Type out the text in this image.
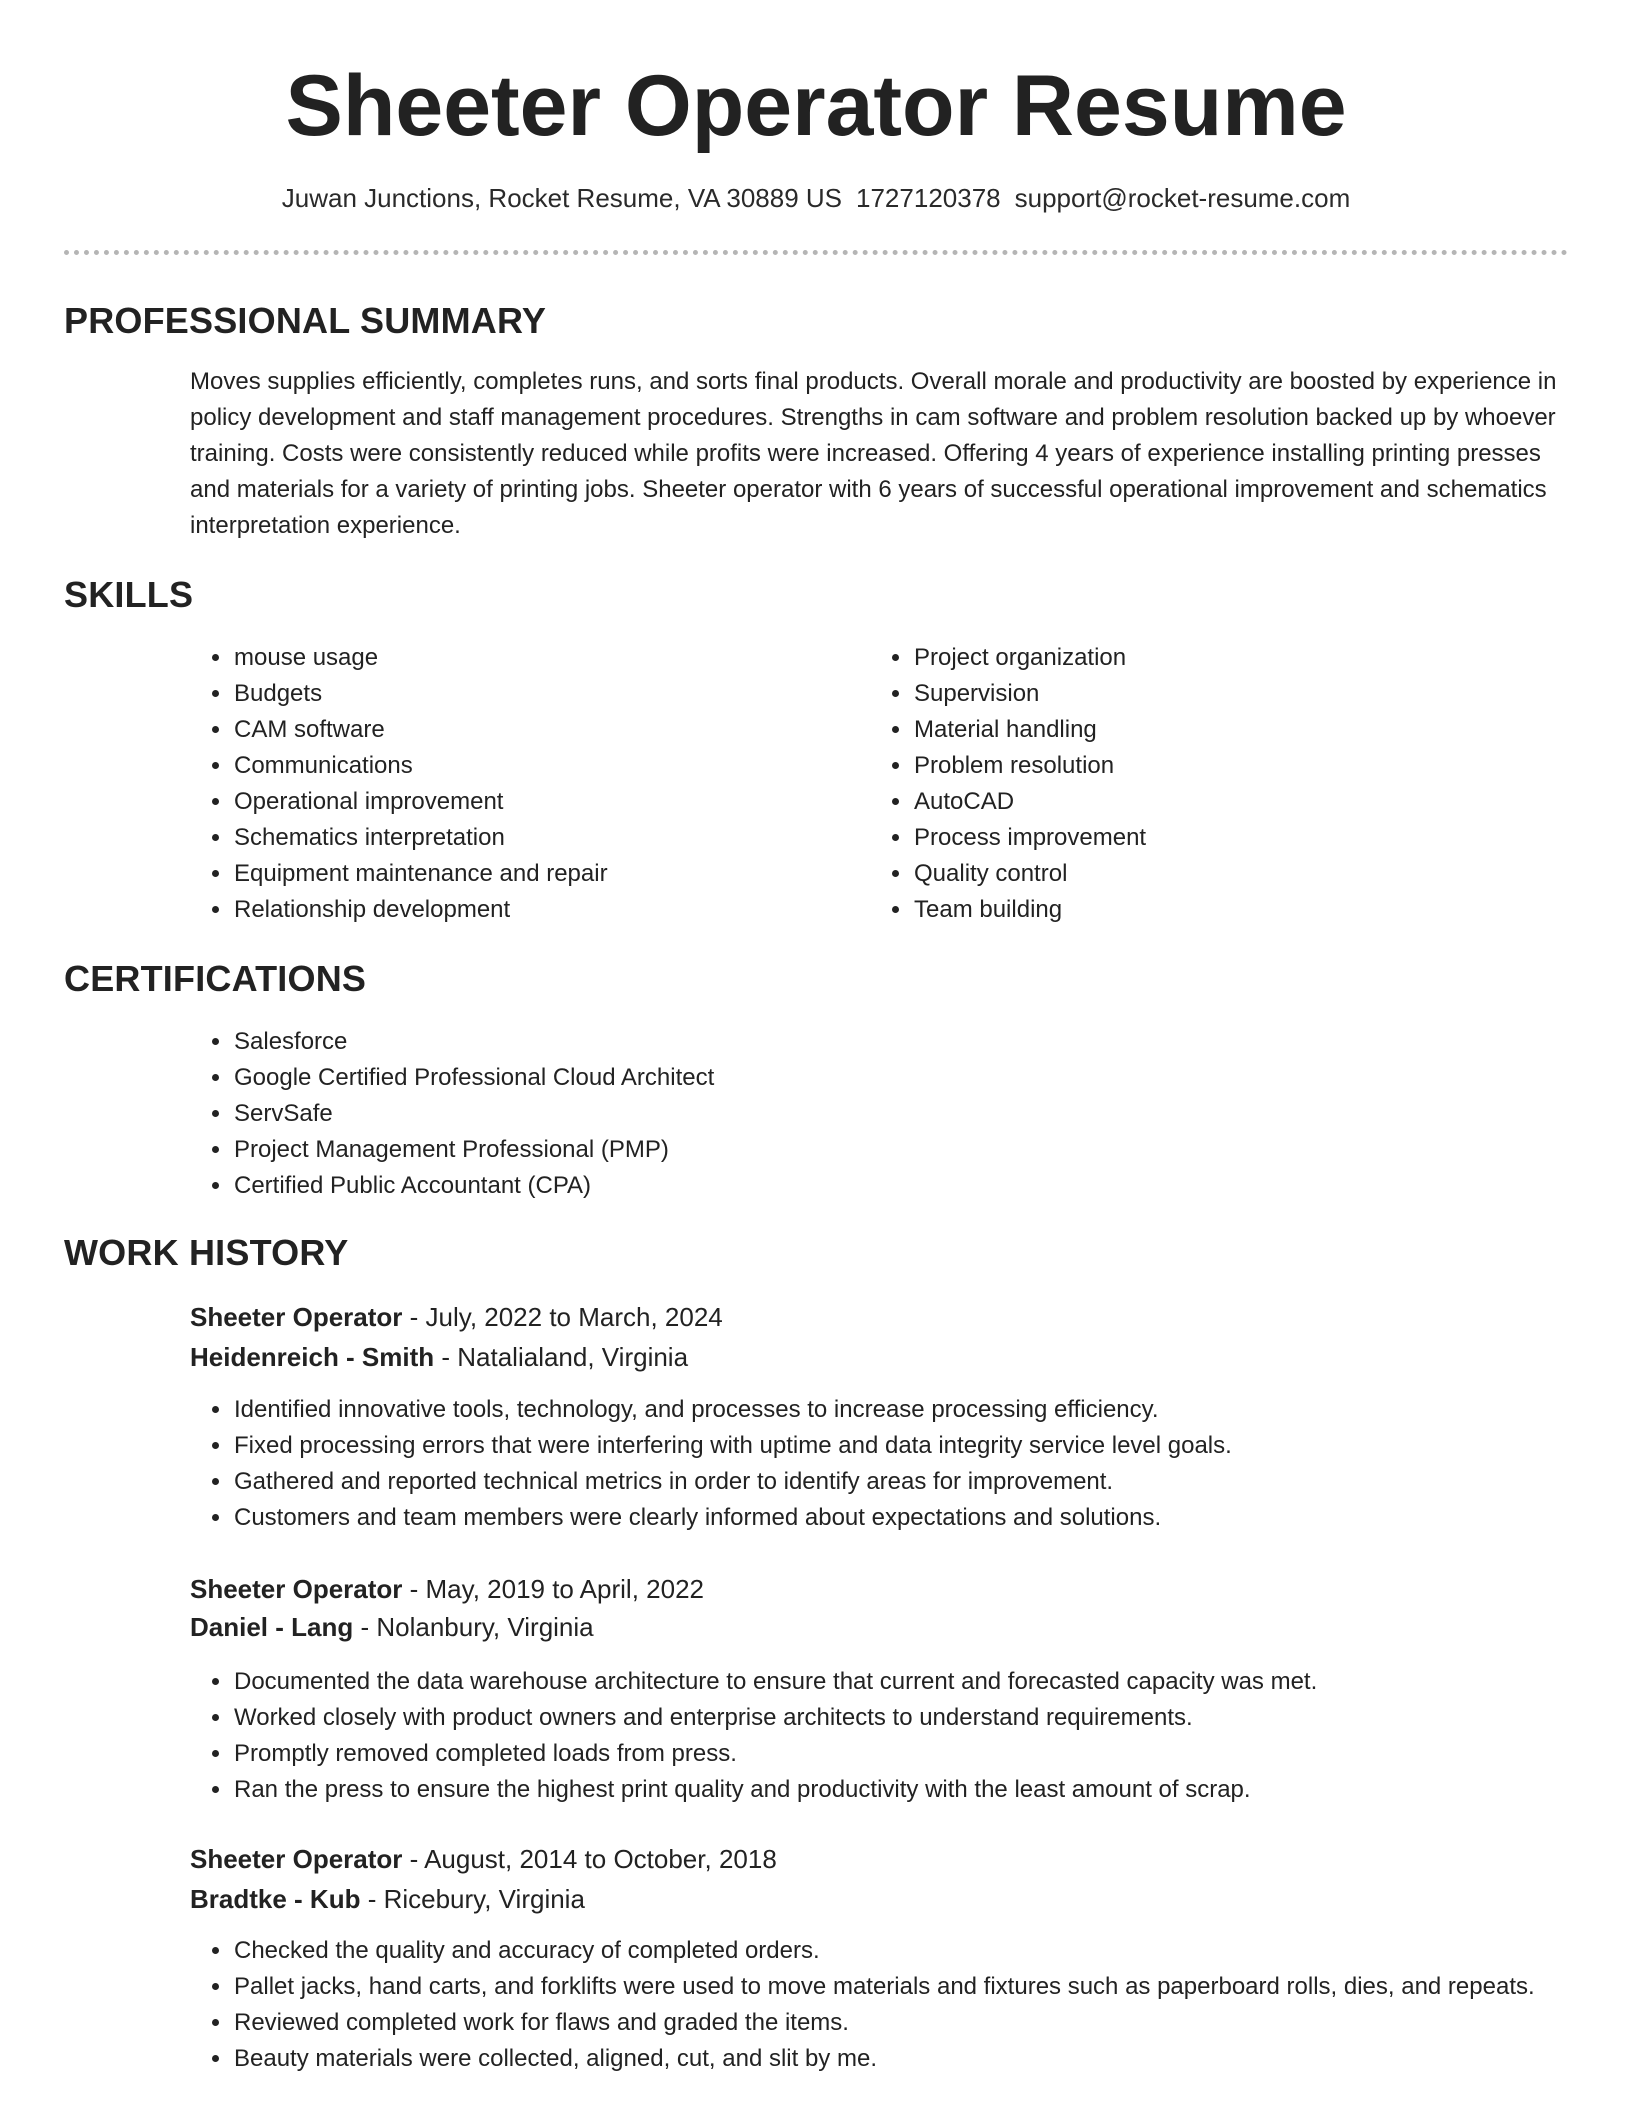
Sheeter Operator Resume
Juwan Junctions, Rocket Resume, VA 30889 US 1727120378 support@rocket-resume.com
PROFESSIONAL SUMMARY

Moves supplies efficiently, completes runs, and sorts final products. Overall morale and productivity are boosted by experience in policy development and staff management procedures. Strengths in cam software and problem resolution backed up by whoever training. Costs were consistently reduced while profits were increased. Offering 4 years of experience installing printing presses and materials for a variety of printing jobs. Sheeter operator with 6 years of successful operational improvement and schematics interpretation experience.

SKILLS
• mouse usage
• Budgets
• CAM software
• Communications
• Operational improvement
• Schematics interpretation
• Equipment maintenance and repair
• Relationship development
• Project organization
• Supervision
• Material handling
• Problem resolution
• AutoCAD
• Process improvement
• Quality control
• Team building
CERTIFICATIONS
• Salesforce
• Google Certified Professional Cloud Architect
• ServSafe
• Project Management Professional (PMP)
• Certified Public Accountant (CPA)
WORK HISTORY
Sheeter Operator - July, 2022 to March, 2024
Heidenreich - Smith - Natalialand, Virginia
• Identified innovative tools, technology, and processes to increase processing efficiency.
• Fixed processing errors that were interfering with uptime and data integrity service level goals.
• Gathered and reported technical metrics in order to identify areas for improvement.
• Customers and team members were clearly informed about expectations and solutions.
Sheeter Operator - May, 2019 to April, 2022
Daniel - Lang - Nolanbury, Virginia
• Documented the data warehouse architecture to ensure that current and forecasted capacity was met.
• Worked closely with product owners and enterprise architects to understand requirements.
• Promptly removed completed loads from press.
• Ran the press to ensure the highest print quality and productivity with the least amount of scrap.
Sheeter Operator - August, 2014 to October, 2018
Bradtke - Kub - Ricebury, Virginia
• Checked the quality and accuracy of completed orders.
• Pallet jacks, hand carts, and forklifts were used to move materials and fixtures such as paperboard rolls, dies, and repeats.
• Reviewed completed work for flaws and graded the items.
• Beauty materials were collected, aligned, cut, and slit by me.
